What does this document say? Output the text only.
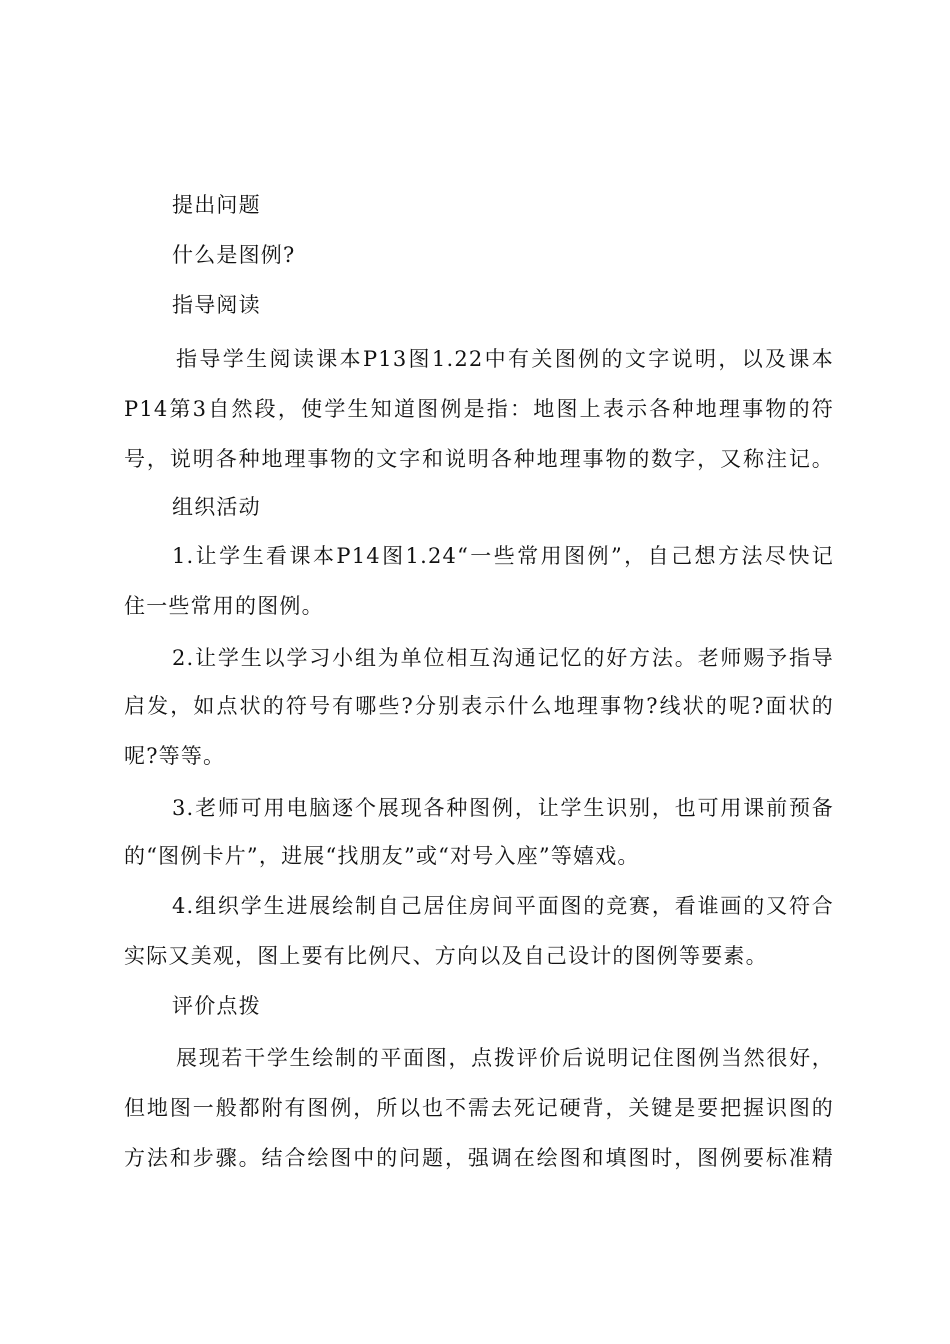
提出问题
什么是图例?
指导阅读
指导学生阅读课本P13图1.22中有关图例的文字说明，以及课本
P14第3自然段，使学生知道图例是指：地图上表示各种地理事物的符
号，说明各种地理事物的文字和说明各种地理事物的数字，又称注记。
组织活动
1.让学生看课本P14图1.24“一些常用图例”，自己想方法尽快记
住一些常用的图例。
2.让学生以学习小组为单位相互沟通记忆的好方法。老师赐予指导
启发，如点状的符号有哪些?分别表示什么地理事物?线状的呢?面状的
呢?等等。
3.老师可用电脑逐个展现各种图例，让学生识别，也可用课前预备
的“图例卡片”，进展“找朋友”或“对号入座”等嬉戏。
4.组织学生进展绘制自己居住房间平面图的竞赛，看谁画的又符合
实际又美观，图上要有比例尺、方向以及自己设计的图例等要素。
评价点拨
展现若干学生绘制的平面图，点拨评价后说明记住图例当然很好，
但地图一般都附有图例，所以也不需去死记硬背，关键是要把握识图的
方法和步骤。结合绘图中的问题，强调在绘图和填图时，图例要标准精
